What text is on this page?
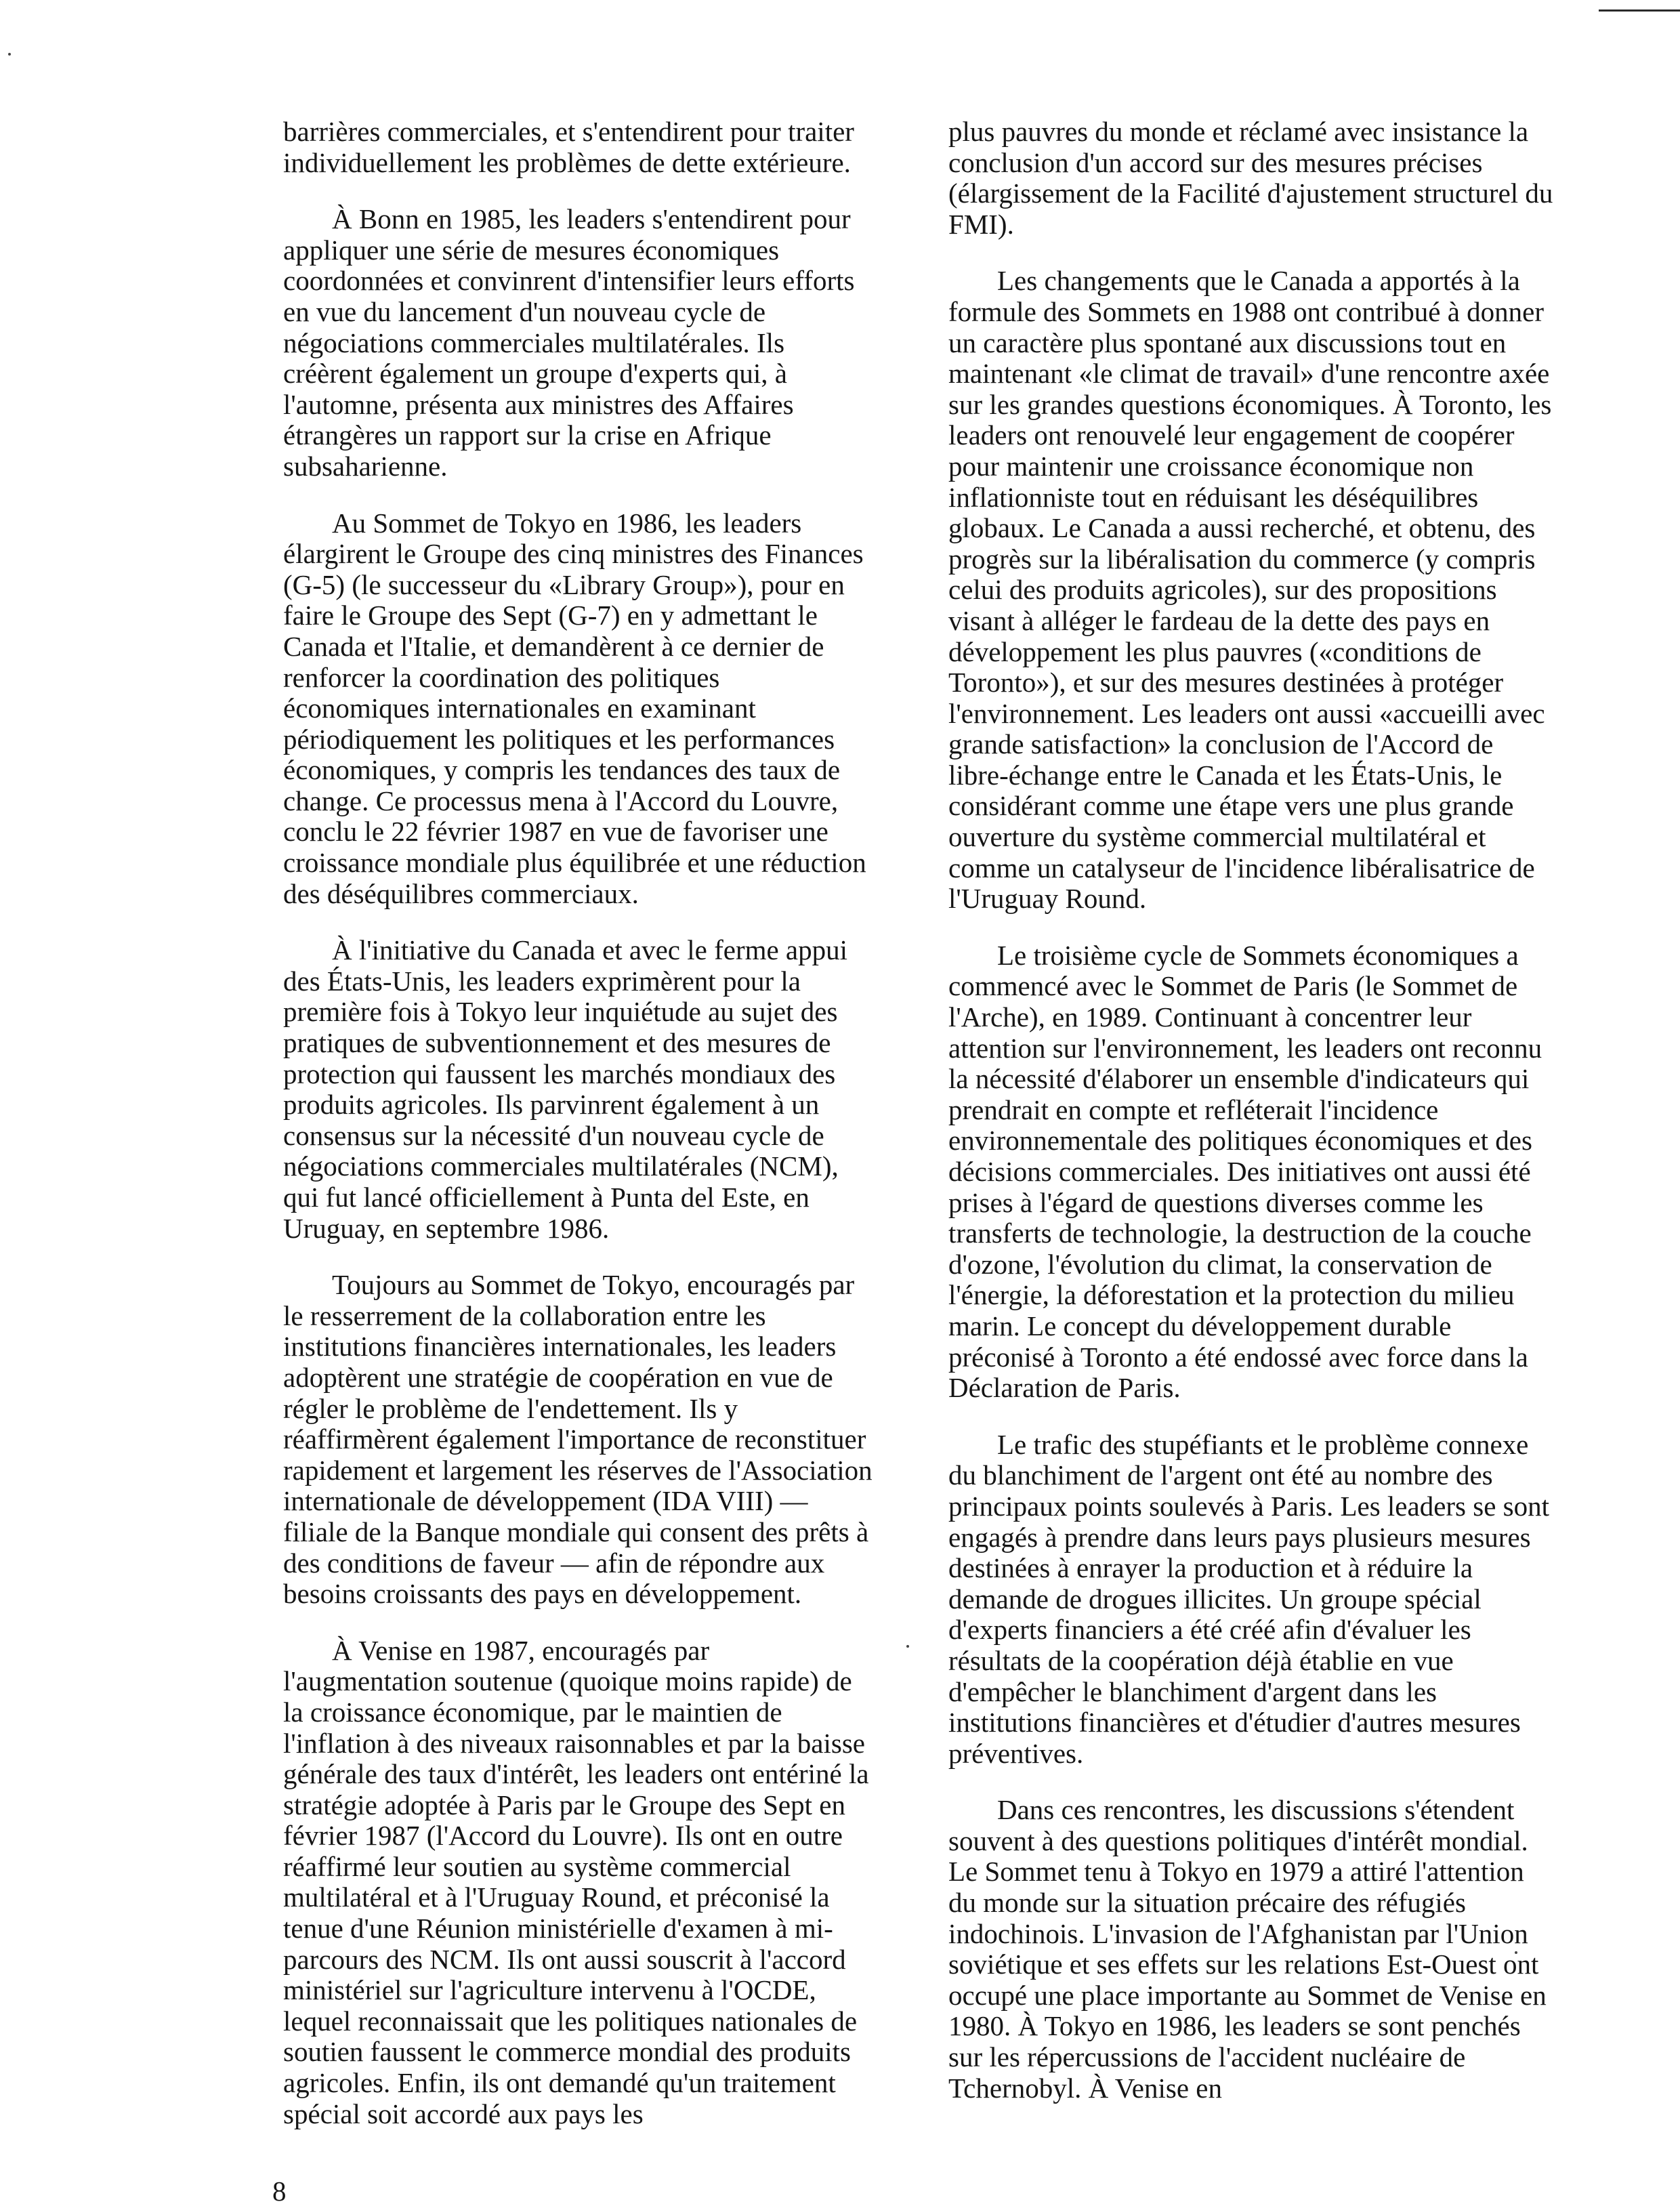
barrières commerciales, et s'entendirent pour traiter individuellement les problèmes de dette extérieure.

À Bonn en 1985, les leaders s'entendirent pour appliquer une série de mesures économiques coordonnées et convinrent d'intensifier leurs efforts en vue du lancement d'un nouveau cycle de négociations commerciales multilatérales. Ils créèrent également un groupe d'experts qui, à l'automne, présenta aux ministres des Affaires étrangères un rapport sur la crise en Afrique subsaharienne.

Au Sommet de Tokyo en 1986, les leaders élargirent le Groupe des cinq ministres des Finances (G-5) (le successeur du «Library Group»), pour en faire le Groupe des Sept (G-7) en y admettant le Canada et l'Italie, et demandèrent à ce dernier de renforcer la coordination des politiques économiques internationales en examinant périodiquement les politiques et les performances économiques, y compris les tendances des taux de change. Ce processus mena à l'Accord du Louvre, conclu le 22 février 1987 en vue de favoriser une croissance mondiale plus équilibrée et une réduction des déséquilibres commerciaux.

À l'initiative du Canada et avec le ferme appui des États-Unis, les leaders exprimèrent pour la première fois à Tokyo leur inquiétude au sujet des pratiques de subventionnement et des mesures de protection qui faussent les marchés mondiaux des produits agricoles. Ils parvinrent également à un consensus sur la nécessité d'un nouveau cycle de négociations commerciales multilatérales (NCM), qui fut lancé officiellement à Punta del Este, en Uruguay, en septembre 1986.

Toujours au Sommet de Tokyo, encouragés par le resserrement de la collaboration entre les institutions financières internationales, les leaders adoptèrent une stratégie de coopération en vue de régler le problème de l'endettement. Ils y réaffirmèrent également l'importance de reconstituer rapidement et largement les réserves de l'Association internationale de développement (IDA VIII) — filiale de la Banque mondiale qui consent des prêts à des conditions de faveur — afin de répondre aux besoins croissants des pays en développement.

À Venise en 1987, encouragés par l'augmentation soutenue (quoique moins rapide) de la croissance économique, par le maintien de l'inflation à des niveaux raisonnables et par la baisse générale des taux d'intérêt, les leaders ont entériné la stratégie adoptée à Paris par le Groupe des Sept en février 1987 (l'Accord du Louvre). Ils ont en outre réaffirmé leur soutien au système commercial multilatéral et à l'Uruguay Round, et préconisé la tenue d'une Réunion ministérielle d'examen à mi-parcours des NCM. Ils ont aussi souscrit à l'accord ministériel sur l'agriculture intervenu à l'OCDE, lequel reconnaissait que les politiques nationales de soutien faussent le commerce mondial des produits agricoles. Enfin, ils ont demandé qu'un traitement spécial soit accordé aux pays les

plus pauvres du monde et réclamé avec insistance la conclusion d'un accord sur des mesures précises (élargissement de la Facilité d'ajustement structurel du FMI).

Les changements que le Canada a apportés à la formule des Sommets en 1988 ont contribué à donner un caractère plus spontané aux discussions tout en maintenant «le climat de travail» d'une rencontre axée sur les grandes questions économiques. À Toronto, les leaders ont renouvelé leur engagement de coopérer pour maintenir une croissance économique non inflationniste tout en réduisant les déséquilibres globaux. Le Canada a aussi recherché, et obtenu, des progrès sur la libéralisation du commerce (y compris celui des produits agricoles), sur des propositions visant à alléger le fardeau de la dette des pays en développement les plus pauvres («conditions de Toronto»), et sur des mesures destinées à protéger l'environnement. Les leaders ont aussi «accueilli avec grande satisfaction» la conclusion de l'Accord de libre-échange entre le Canada et les États-Unis, le considérant comme une étape vers une plus grande ouverture du système commercial multilatéral et comme un catalyseur de l'incidence libéralisatrice de l'Uruguay Round.

Le troisième cycle de Sommets économiques a commencé avec le Sommet de Paris (le Sommet de l'Arche), en 1989. Continuant à concentrer leur attention sur l'environnement, les leaders ont reconnu la nécessité d'élaborer un ensemble d'indicateurs qui prendrait en compte et refléterait l'incidence environnementale des politiques économiques et des décisions commerciales. Des initiatives ont aussi été prises à l'égard de questions diverses comme les transferts de technologie, la destruction de la couche d'ozone, l'évolution du climat, la conservation de l'énergie, la déforestation et la protection du milieu marin. Le concept du développement durable préconisé à Toronto a été endossé avec force dans la Déclaration de Paris.

Le trafic des stupéfiants et le problème connexe du blanchiment de l'argent ont été au nombre des principaux points soulevés à Paris. Les leaders se sont engagés à prendre dans leurs pays plusieurs mesures destinées à enrayer la production et à réduire la demande de drogues illicites. Un groupe spécial d'experts financiers a été créé afin d'évaluer les résultats de la coopération déjà établie en vue d'empêcher le blanchiment d'argent dans les institutions financières et d'étudier d'autres mesures préventives.

Dans ces rencontres, les discussions s'étendent souvent à des questions politiques d'intérêt mondial. Le Sommet tenu à Tokyo en 1979 a attiré l'attention du monde sur la situation précaire des réfugiés indochinois. L'invasion de l'Afghanistan par l'Union soviétique et ses effets sur les relations Est-Ouest ont occupé une place importante au Sommet de Venise en 1980. À Tokyo en 1986, les leaders se sont penchés sur les répercussions de l'accident nucléaire de Tchernobyl. À Venise en

8
